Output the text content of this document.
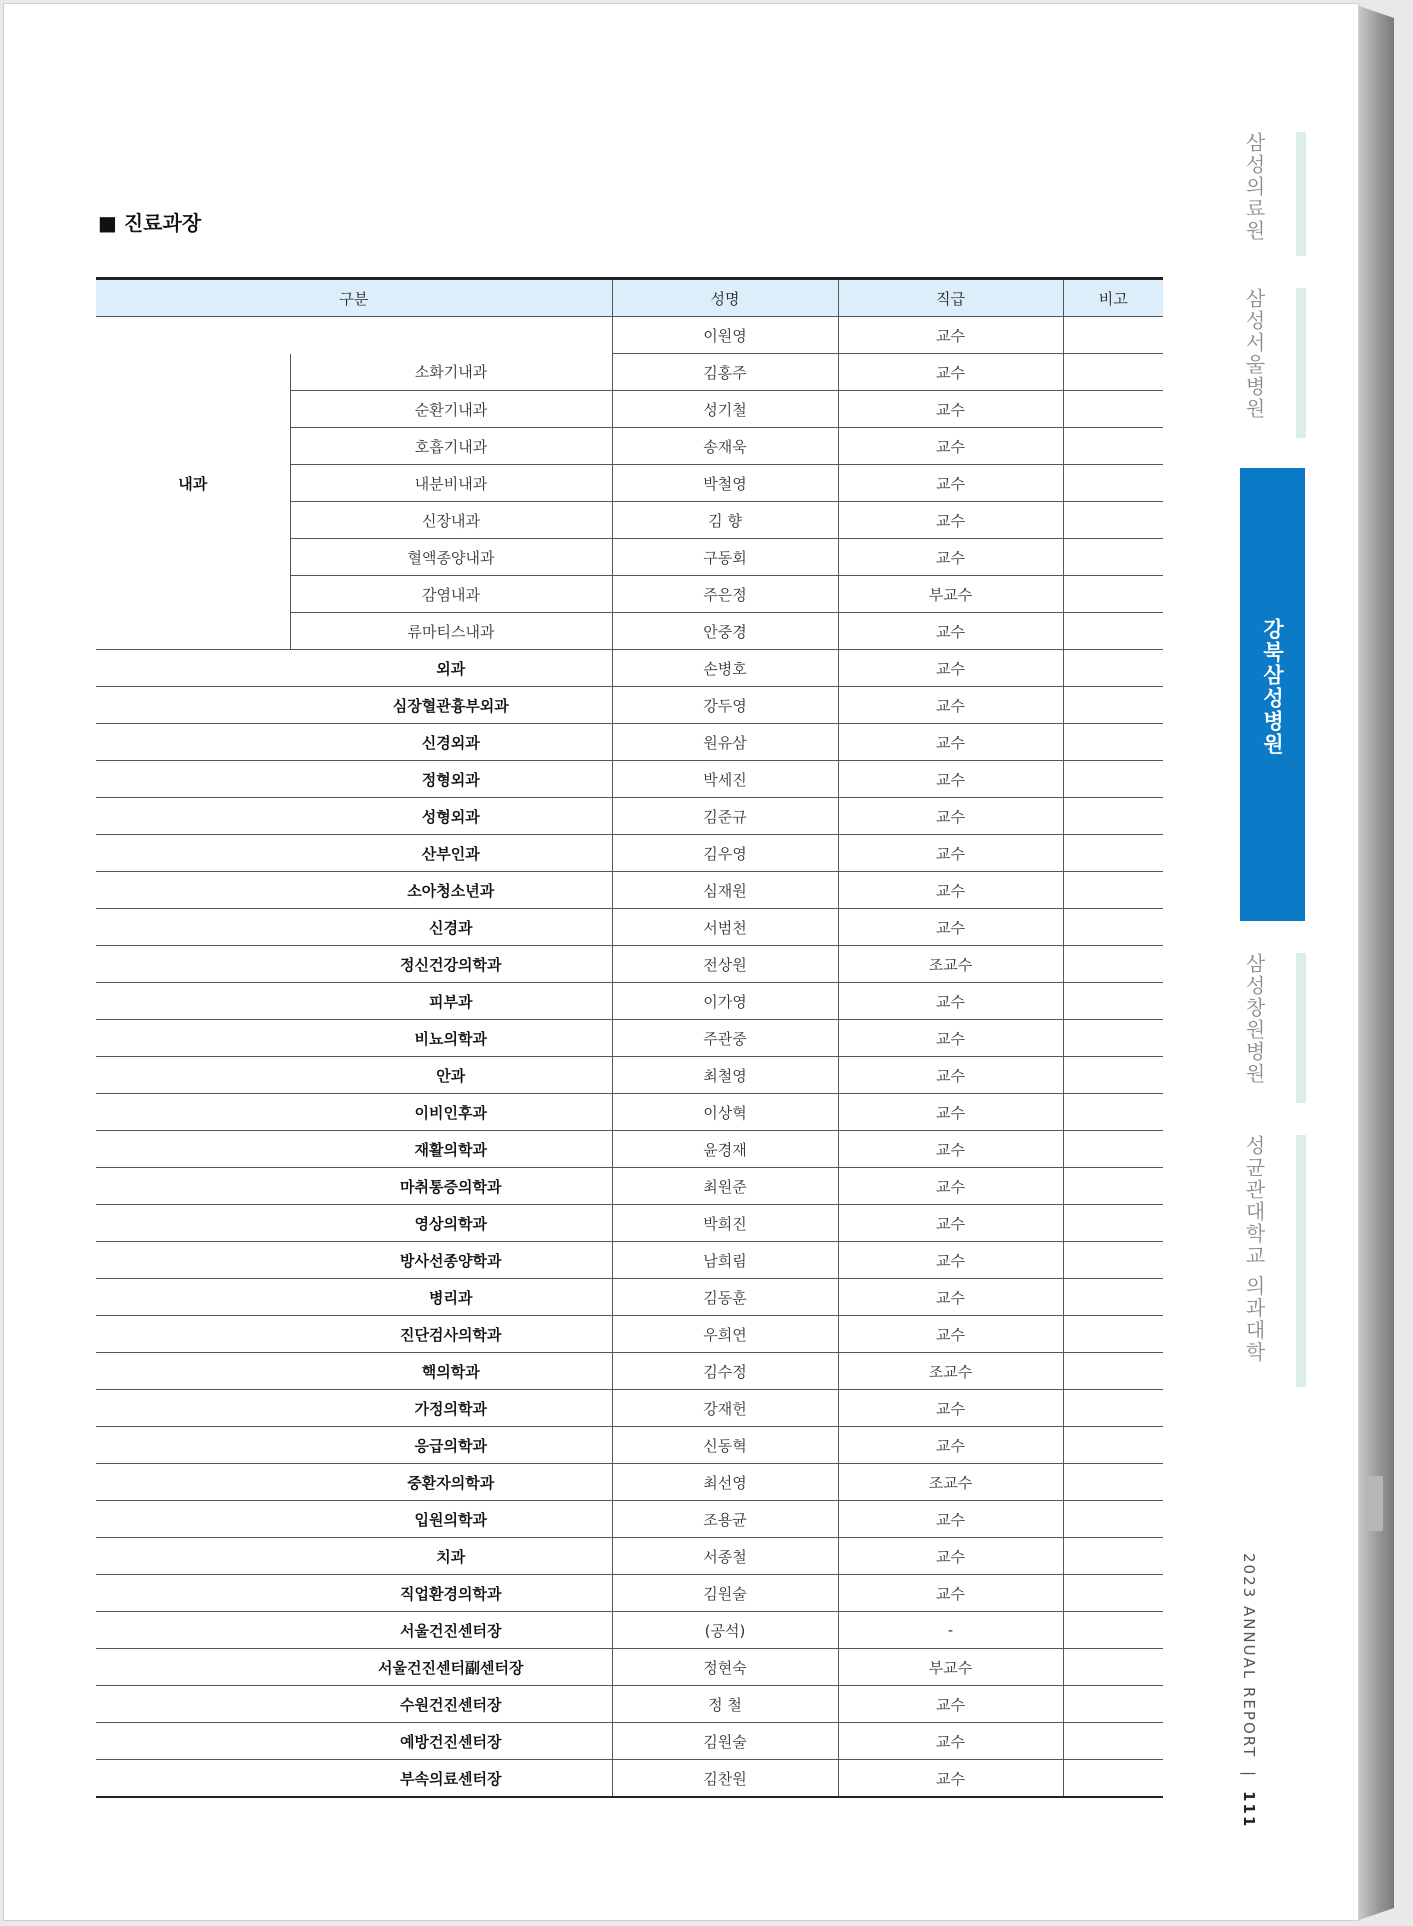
■ 진료과장
구분		성명	직급	비고
내과		이원영	교수	
	소화기내과	김홍주	교수	
	순환기내과	성기철	교수	
	호흡기내과	송재욱	교수	
	내분비내과	박철영	교수	
	신장내과	김 향	교수	
	혈액종양내과	구동회	교수	
	감염내과	주은정	부교수	
	류마티스내과	안중경	교수	
	외과	손병호	교수	
	심장혈관흉부외과	강두영	교수	
	신경외과	원유삼	교수	
	정형외과	박세진	교수	
	성형외과	김준규	교수	
	산부인과	김우영	교수	
	소아청소년과	심재원	교수	
	신경과	서범천	교수	
	정신건강의학과	전상원	조교수	
	피부과	이가영	교수	
	비뇨의학과	주관중	교수	
	안과	최철영	교수	
	이비인후과	이상혁	교수	
	재활의학과	윤경재	교수	
	마취통증의학과	최원준	교수	
	영상의학과	박희진	교수	
	방사선종양학과	남희림	교수	
	병리과	김동훈	교수	
	진단검사의학과	우희연	교수	
	핵의학과	김수정	조교수	
	가정의학과	강재헌	교수	
	응급의학과	신동혁	교수	
	중환자의학과	최선영	조교수	
	입원의학과	조용균	교수	
	치과	서종철	교수	
	직업환경의학과	김원술	교수	
	서울건진센터장	(공석)	-	
	서울건진센터副센터장	정현숙	부교수	
	수원건진센터장	정 철	교수	
	예방건진센터장	김원술	교수	
	부속의료센터장	김찬원	교수	
삼성의료원
삼성서울병원
강북삼성병원
삼성창원병원
성균관대학교 의과대학
2023 ANNUAL REPORT | 111
